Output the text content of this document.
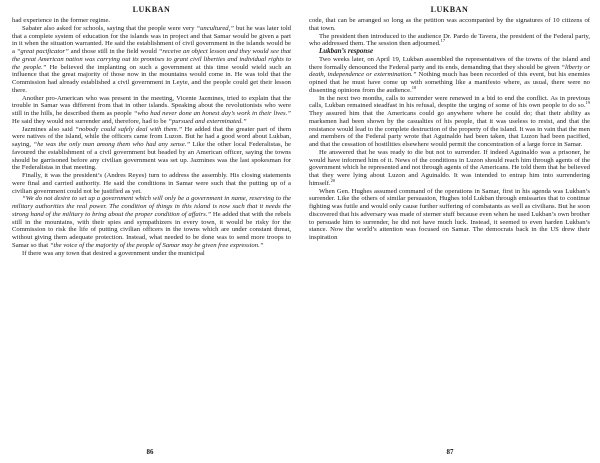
LUKBAN

had experience in the former regime.

Sabater also asked for schools, saying that the people were very “uncultured,” but he was later told that a complete system of education for the islands was in project and that Samar would be given a part in it when the situation warranted. He said the establishment of civil government in the islands would be a “great pacificator” and those still in the field would “receive an object lesson and they would see that the great American nation was carrying out its promises to grant civil liberties and individual rights to the people.” He believed the implanting on such a government at this time would wield such an influence that the great majority of those now in the mountains would come in. He was told that the Commission had already established a civil government in Leyte, and the people could get their lesson there.

Another pro-American who was present in the meeting, Vicente Jazmines, tried to explain that the trouble in Samar was different from that in other islands. Speaking about the revolutionists who were still in the hills, he described them as people “who had never done an honest day’s work in their lives.” He said they would not surrender and, therefore, had to be “pursued and exterminated.”

Jazmines also said “nobody could safely deal with them.” He added that the greater part of them were natives of the island, while the officers came from Luzon. But he had a good word about Lukban, saying, “he was the only man among them who had any sense.” Like the other local Federalistas, he favoured the establishment of a civil government but headed by an American officer, saying the towns should be garrisoned before any civilian government was set up. Jazmines was the last spokesman for the Federalistas in that meeting.

Finally, it was the president’s (Andres Reyes) turn to address the assembly. His closing statements were final and carried authority. He said the conditions in Samar were such that the putting up of a civilian government could not be justified as yet.

“We do not desire to set up a government which will only be a government in name, reserving to the military authorities the real power. The condition of things in this island is now such that it needs the strong hand of the military to bring about the proper condition of affairs.” He added that with the rebels still in the mountains, with their spies and sympathizers in every town, it would be risky for the Commission to risk the life of putting civilian officers in the towns which are under constant threat, without giving them adequate protection. Instead, what needed to be done was to send more troops to Samar so that “the voice of the majority of the people of Samar may be given free expression.”

If there was any town that desired a government under the municipal

86
LUKBAN

code, that can be arranged so long as the petition was accompanied by the signatures of 10 citizens of that town.

The president then introduced to the audience Dr. Pardo de Tavera, the president of the Federal party, who addressed them. The session then adjourned.$^{17}$

Lukban’s response

Two weeks later, on April 19, Lukban assembled the representatives of the towns of the island and there formally denounced the Federal party and its ends, demanding that they should be given “liberty or death, independence or extermination.” Nothing much has been recorded of this event, but his enemies opined that he must have come up with something like a manifesto where, as usual, there were no dissenting opinions from the audience.$^{18}$

In the next two months, calls to surrender were renewed in a bid to end the conflict. As in previous calls, Lukban remained steadfast in his refusal, despite the urging of some of his own people to do so.$^{19}$ They assured him that the Americans could go anywhere where he could do; that their ability as marksmen had been shown by the casualties of his people, that it was useless to resist, and that the resistance would lead to the complete destruction of the property of the island. It was in vain that the men and members of the Federal party wrote that Aguinaldo had been taken, that Luzon had been pacified, and that the cessation of hostilities elsewhere would permit the concentration of a large force in Samar.

He answered that he was ready to die but not to surrender. If indeed Aguinaldo was a prisoner, he would have informed him of it. News of the conditions in Luzon should reach him through agents of the government which he represented and not through agents of the Americans. He told them that he believed that they were lying about Luzon and Aguinaldo. It was intended to entrap him into surrendering himself.$^{20}$

When Gen. Hughes assumed command of the operations in Samar, first in his agenda was Lukban’s surrender. Like the others of similar persuasion, Hughes told Lukban through emissaries that to continue fighting was futile and would only cause further suffering of combatants as well as civilians. But he soon discovered that his adversary was made of sterner stuff because even when he used Lukban’s own brother to persuade him to surrender, he did not have much luck. Instead, it seemed to even harden Lukban’s stance. Now the world’s attention was focused on Samar. The democrats back in the US drew their inspiration

87
